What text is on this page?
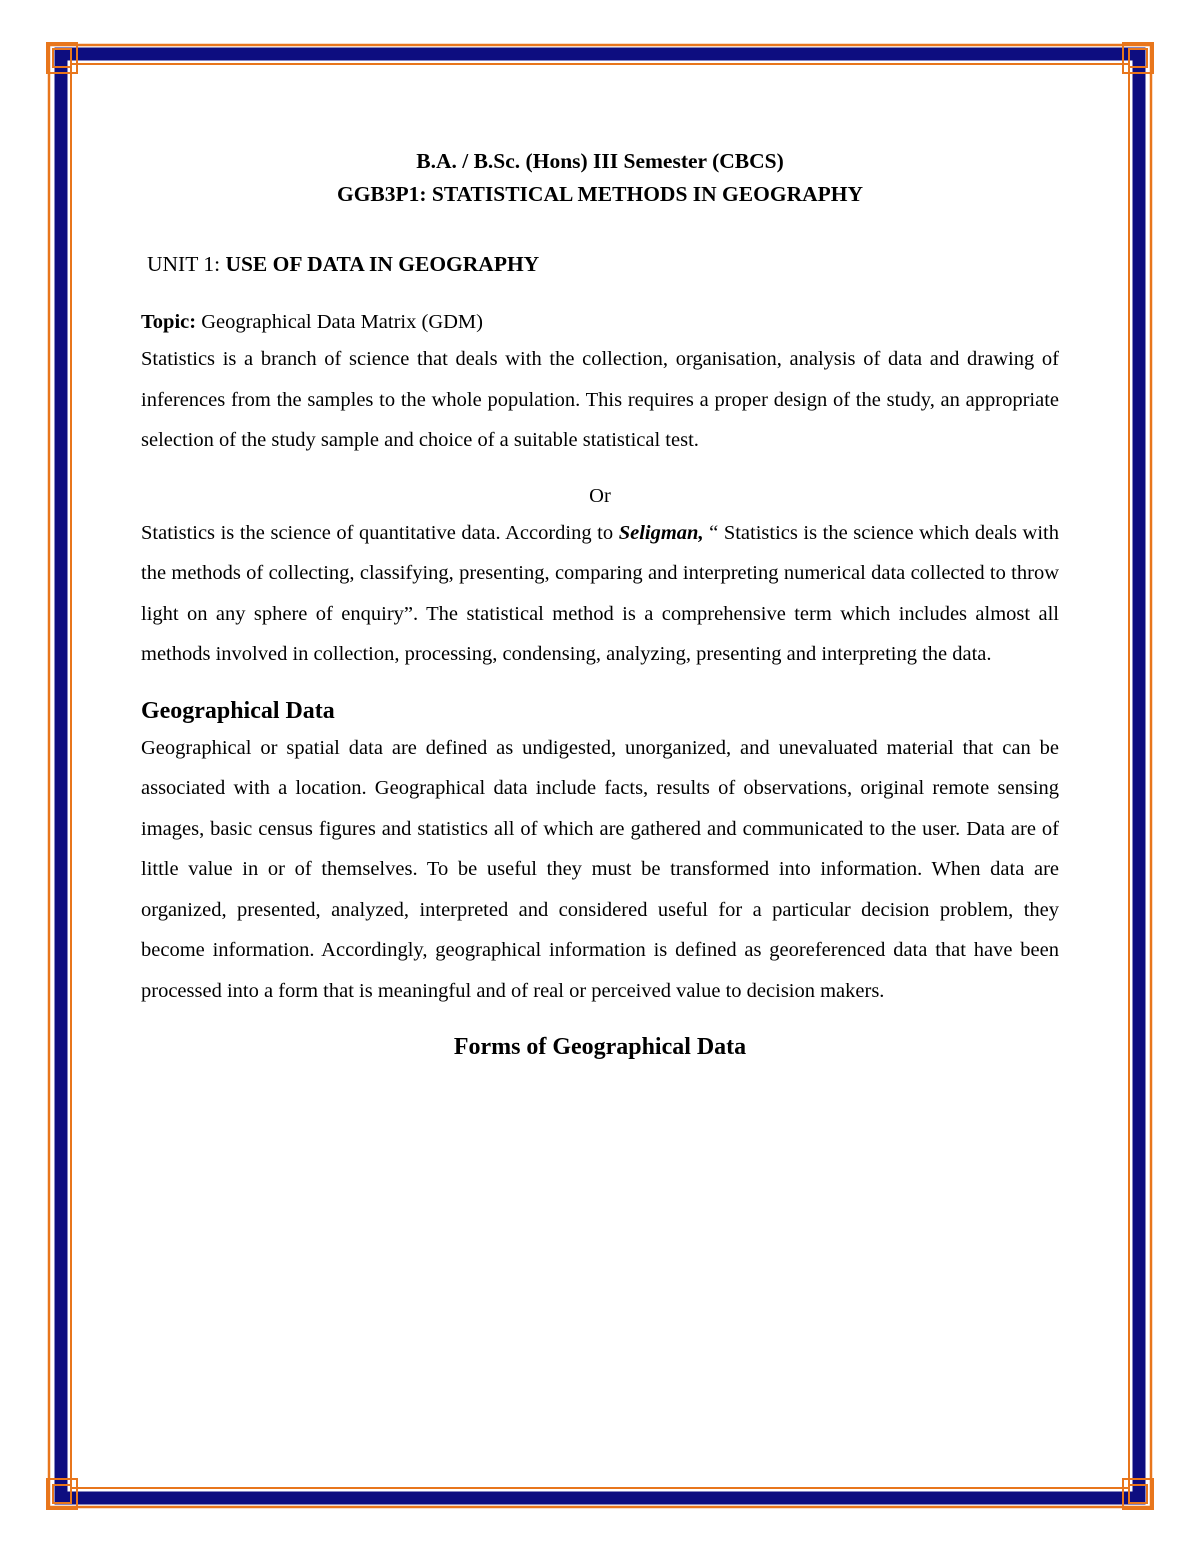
B.A. / B.Sc. (Hons) III Semester (CBCS)
GGB3P1: STATISTICAL METHODS IN GEOGRAPHY
UNIT 1: USE OF DATA IN GEOGRAPHY

Topic: Geographical Data Matrix (GDM)

Statistics is a branch of science that deals with the collection, organisation, analysis of data and drawing of inferences from the samples to the whole population. This requires a proper design of the study, an appropriate selection of the study sample and choice of a suitable statistical test.

Or

Statistics is the science of quantitative data. According to Seligman, “ Statistics is the science which deals with the methods of collecting, classifying, presenting, comparing and interpreting numerical data collected to throw light on any sphere of enquiry”. The statistical method is a comprehensive term which includes almost all methods involved in collection, processing, condensing, analyzing, presenting and interpreting the data.

Geographical Data

Geographical or spatial data are defined as undigested, unorganized, and unevaluated material that can be associated with a location. Geographical data include facts, results of observations, original remote sensing images, basic census figures and statistics all of which are gathered and communicated to the user. Data are of little value in or of themselves. To be useful they must be transformed into information. When data are organized, presented, analyzed, interpreted and considered useful for a particular decision problem, they become information. Accordingly, geographical information is defined as georeferenced data that have been processed into a form that is meaningful and of real or perceived value to decision makers.

Forms of Geographical Data
